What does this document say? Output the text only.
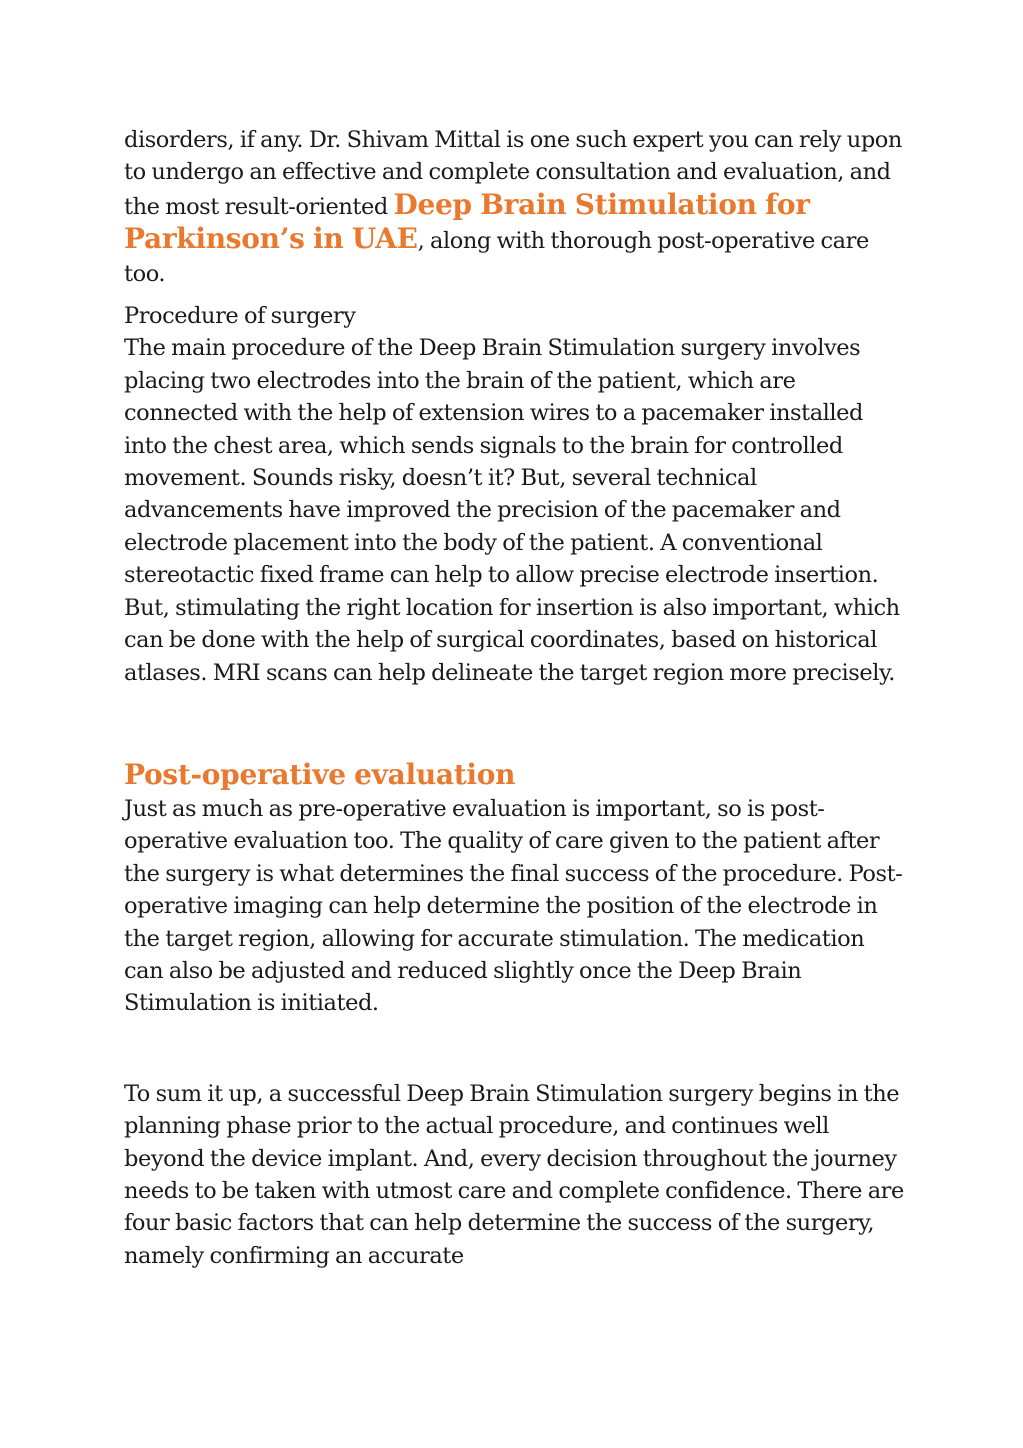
disorders, if any. Dr. Shivam Mittal is one such expert you can rely upon to undergo an effective and complete consultation and evaluation, and the most result-oriented Deep Brain Stimulation for Parkinson’s in UAE, along with thorough post-operative care too.

Procedure of surgery

The main procedure of the Deep Brain Stimulation surgery involves placing two electrodes into the brain of the patient, which are connected with the help of extension wires to a pacemaker installed into the chest area, which sends signals to the brain for controlled movement. Sounds risky, doesn’t it? But, several technical advancements have improved the precision of the pacemaker and electrode placement into the body of the patient. A conventional stereotactic fixed frame can help to allow precise electrode insertion. But, stimulating the right location for insertion is also important, which can be done with the help of surgical coordinates, based on historical atlases. MRI scans can help delineate the target region more precisely.

Post-operative evaluation

Just as much as pre-operative evaluation is important, so is post-operative evaluation too. The quality of care given to the patient after the surgery is what determines the final success of the procedure. Post-operative imaging can help determine the position of the electrode in the target region, allowing for accurate stimulation. The medication can also be adjusted and reduced slightly once the Deep Brain Stimulation is initiated.

To sum it up, a successful Deep Brain Stimulation surgery begins in the planning phase prior to the actual procedure, and continues well beyond the device implant. And, every decision throughout the journey needs to be taken with utmost care and complete confidence. There are four basic factors that can help determine the success of the surgery, namely confirming an accurate
